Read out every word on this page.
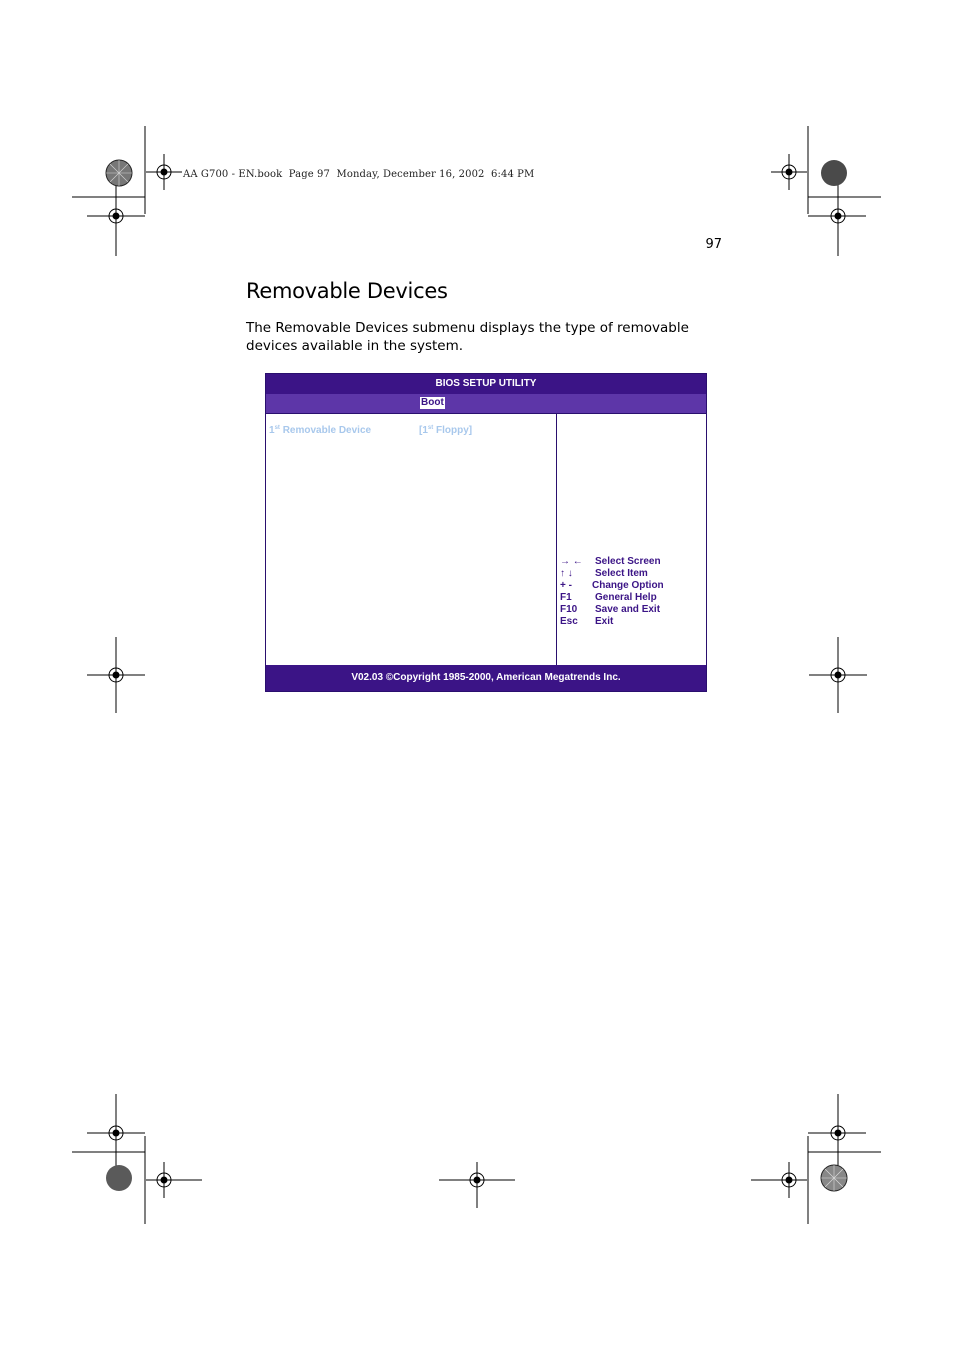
AA G700 - EN.book  Page 97  Monday, December 16, 2002  6:44 PM
97
Removable Devices

The Removable Devices submenu displays the type of removable devices available in the system.

BIOS SETUP UTILITY
Boot
1st Removable Device	[1st Floppy]
→ ← Select Screen
↑ ↓ Select Item
+ - Change Option
F1 General Help
F10 Save and Exit
Esc Exit
V02.03 ©Copyright 1985-2000, American Megatrends Inc.
